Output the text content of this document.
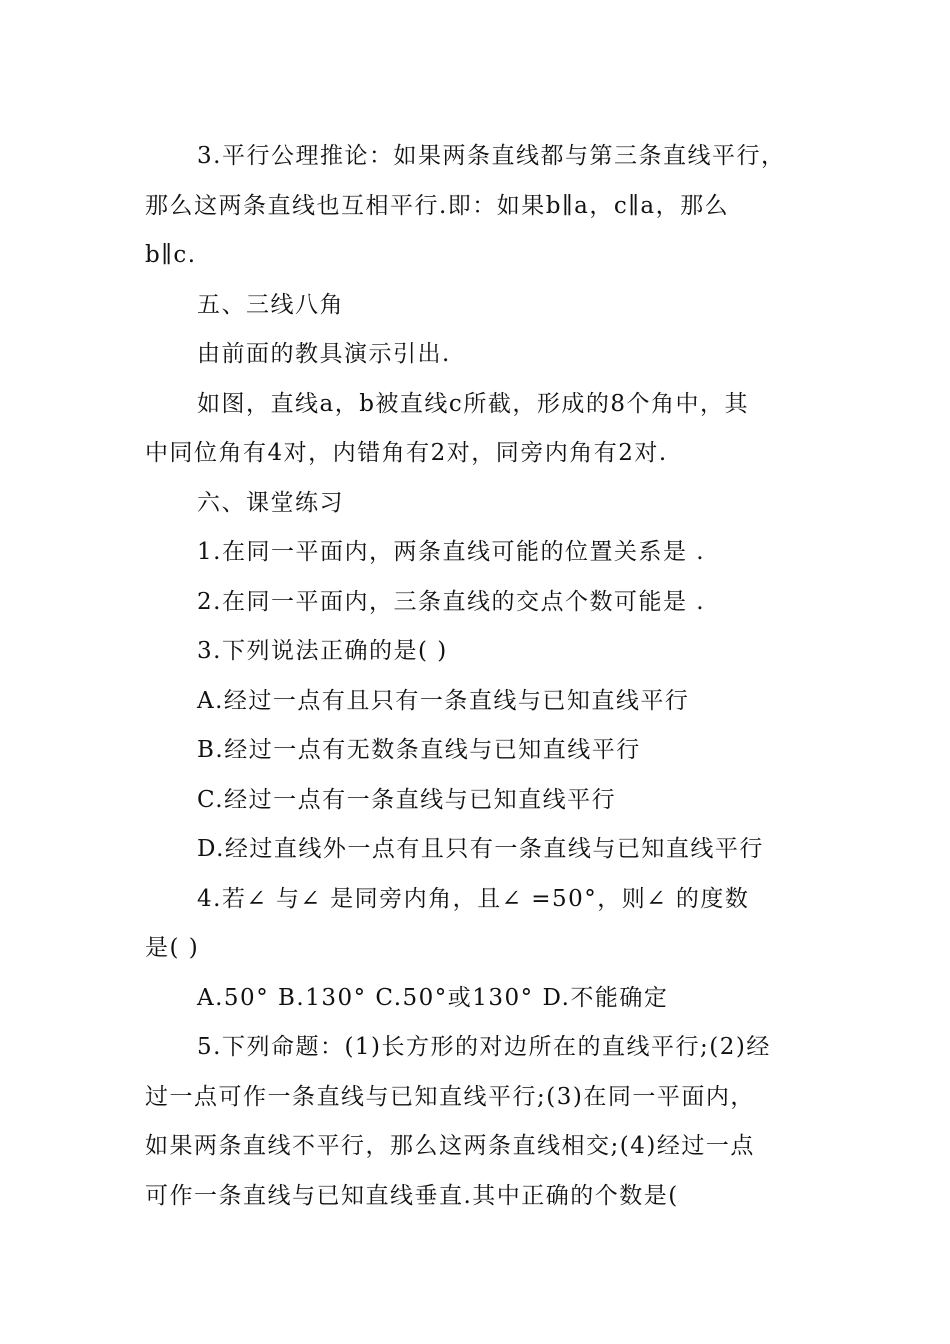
3.平行公理推论：如果两条直线都与第三条直线平行，
那么这两条直线也互相平行.即：如果b∥a，c∥a，那么
b∥c.
五、三线八角
由前面的教具演示引出.
如图，直线a，b被直线c所截，形成的8个角中，其
中同位角有4对，内错角有2对，同旁内角有2对.
六、课堂练习
1.在同一平面内，两条直线可能的位置关系是 .
2.在同一平面内，三条直线的交点个数可能是 .
3.下列说法正确的是( )
A.经过一点有且只有一条直线与已知直线平行
B.经过一点有无数条直线与已知直线平行
C.经过一点有一条直线与已知直线平行
D.经过直线外一点有且只有一条直线与已知直线平行
4.若∠ 与∠ 是同旁内角，且∠ =50°，则∠ 的度数
是( )
A.50° B.130° C.50°或130° D.不能确定
5.下列命题：(1)长方形的对边所在的直线平行;(2)经
过一点可作一条直线与已知直线平行;(3)在同一平面内，
如果两条直线不平行，那么这两条直线相交;(4)经过一点
可作一条直线与已知直线垂直.其中正确的个数是(
